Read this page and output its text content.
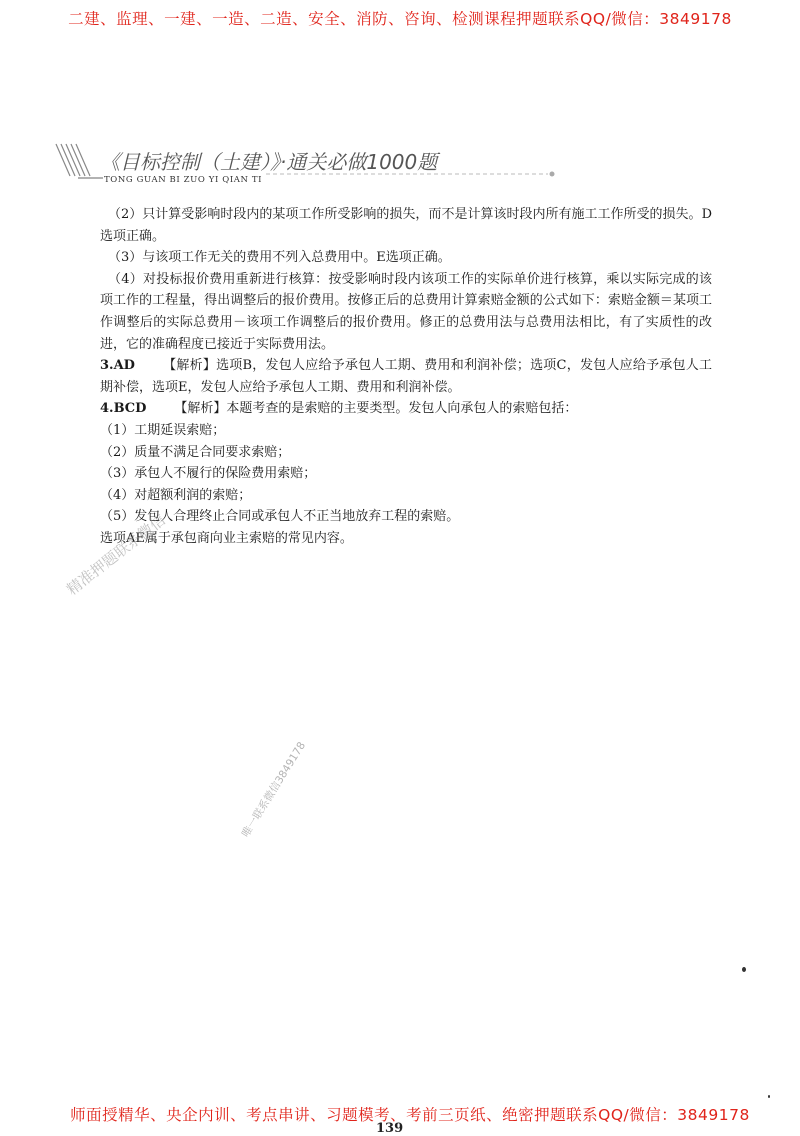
二建、监理、一建、一造、二造、安全、消防、咨询、检测课程押题联系QQ/微信：3849178
《目标控制（土建）》·通关必做1000题
TONG GUAN BI ZUO YI QIAN TI

（2）只计算受影响时段内的某项工作所受影响的损失，而不是计算该时段内所有施工工作所受的损失。D选项正确。

（3）与该项工作无关的费用不列入总费用中。E选项正确。

（4）对投标报价费用重新进行核算：按受影响时段内该项工作的实际单价进行核算，乘以实际完成的该项工作的工程量，得出调整后的报价费用。按修正后的总费用计算索赔金额的公式如下：索赔金额＝某项工作调整后的实际总费用－该项工作调整后的报价费用。修正的总费用法与总费用法相比，有了实质性的改进，它的准确程度已接近于实际费用法。

3.AD 【解析】选项B，发包人应给予承包人工期、费用和利润补偿；选项C，发包人应给予承包人工期补偿，选项E，发包人应给予承包人工期、费用和利润补偿。

4.BCD 【解析】本题考查的是索赔的主要类型。发包人向承包人的索赔包括：

（1）工期延误索赔；

（2）质量不满足合同要求索赔；

（3）承包人不履行的保险费用索赔；

（4）对超额利润的索赔；

（5）发包人合理终止合同或承包人不正当地放弃工程的索赔。

选项AE属于承包商向业主索赔的常见内容。

精准押题联系微信
唯一联系微信3849178
师面授精华、央企内训、考点串讲、习题模考、考前三页纸、绝密押题联系QQ/微信：3849178
139
